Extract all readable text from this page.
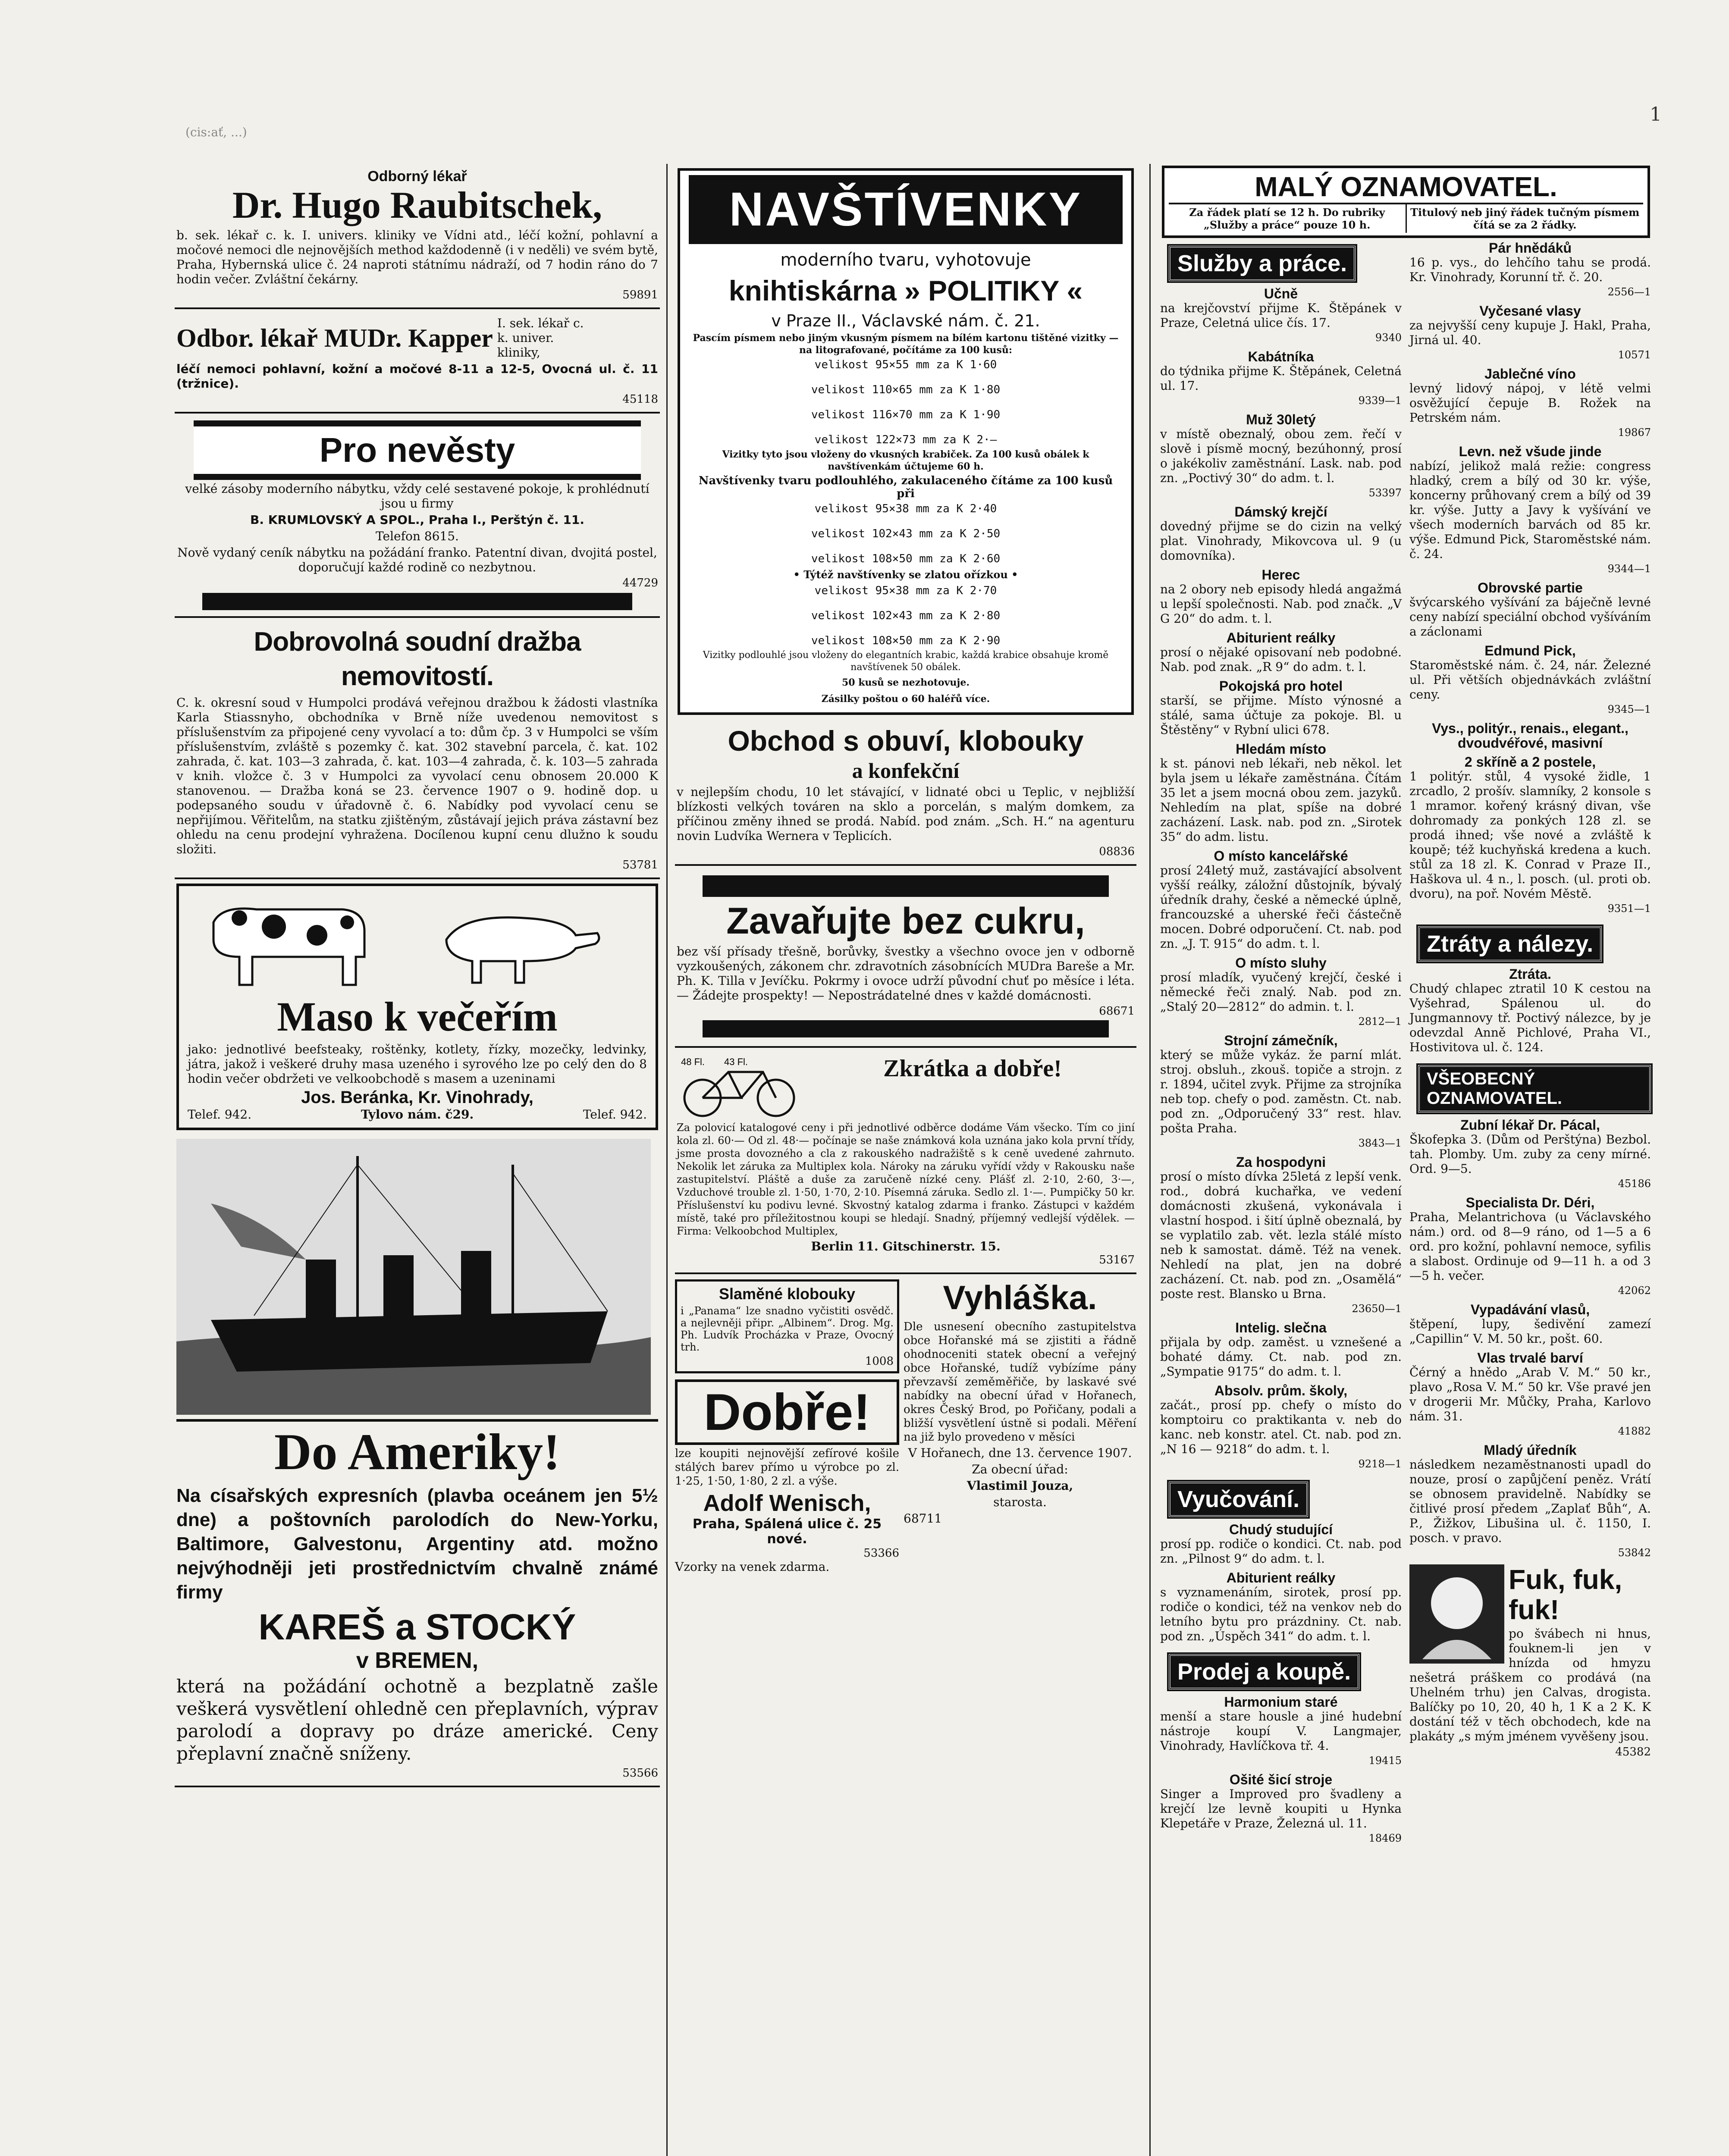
(cis:ať, ...)
1
Odborný lékař
Dr. Hugo Raubitschek,

b. sek. lékař c. k. I. univers. kliniky ve Vídni atd., léčí kožní, pohlavní a močové nemoci dle nejnovějších method každodenně (i v neděli) ve svém bytě, Praha, Hybernská ulice č. 24 naproti státnímu nádraží, od 7 hodin ráno do 7 hodin večer. Zvláštní čekárny.

59891
Odbor. lékař MUDr. Kapper
I. sek. lékař c. k. univer. kliniky,

léčí nemoci pohlavní, kožní a močové 8-11 a 12-5, Ovocná ul. č. 11 (tržnice).

45118
Pro nevěsty

velké zásoby moderního nábytku, vždy celé sestavené pokoje, k prohlédnutí jsou u firmy

B. KRUMLOVSKÝ A SPOL., Praha I., Perštýn č. 11.

Telefon 8615.

Nově vydaný ceník nábytku na požádání franko. Patentní divan, dvojitá postel, doporučují každé rodině co nezbytnou.

44729
Dobrovolná soudní dražba nemovitostí.

C. k. okresní soud v Humpolci prodává veřejnou dražbou k žádosti vlastníka Karla Stiassnyho, obchodníka v Brně níže uvedenou nemovitost s příslušenstvím za připojené ceny vyvolací a to: dům čp. 3 v Humpolci se vším příslušenstvím, zvláště s pozemky č. kat. 302 stavební parcela, č. kat. 102 zahrada, č. kat. 103—3 zahrada, č. kat. 103—4 zahrada, č. k. 103—5 zahrada v knih. vložce č. 3 v Humpolci za vyvolací cenu obnosem 20.000 K stanovenou. — Dražba koná se 23. července 1907 o 9. hodině dop. u podepsaného soudu v úřadovně č. 6. Nabídky pod vyvolací cenu se nepřijímou. Věřitelům, na statku zjištěným, zůstávají jejich práva zástavní bez ohledu na cenu prodejní vyhražena. Docílenou kupní cenu dlužno k soudu složiti.

53781
Maso k večeřím

jako: jednotlivé beefsteaky, roštěnky, kotlety, řízky, mozečky, ledvinky, játra, jakož i veškeré druhy masa uzeného i syrového lze po celý den do 8 hodin večer obdržeti ve velkoobchodě s masem a uzeninami

Jos. Beránka, Kr. Vinohrady,
Telef. 942.	Tylovo nám. č29.	Telef. 942.
Do Ameriky!

Na císařských expresních (plavba oceánem jen 5½ dne) a poštovních parolodích do New-Yorku, Baltimore, Galvestonu, Argentiny atd. možno nejvýhodněji jeti prostřednictvím chvalně známé firmy

KAREŠ a STOCKÝ
v BREMEN,

která na požádání ochotně a bezplatně zašle veškerá vysvětlení ohledně cen přeplavních, výprav parolodí a dopravy po dráze americké. Ceny přeplavní značně sníženy.

53566
NAVŠTÍVENKY
moderního tvaru, vyhotovuje
knihtiskárna » POLITIKY «
v Praze II., Václavské nám. č. 21.

Pascím písmem nebo jiným vkusným písmem na bílém kartonu tištěné vizitky — na litografované, počítáme za 100 kusů:

velikost 95×55 mm za K 1·60
velikost 110×65 mm za K 1·80
velikost 116×70 mm za K 1·90
velikost 122×73 mm za K 2·—

Vizitky tyto jsou vloženy do vkusných krabiček. Za 100 kusů obálek k navštívenkám účtujeme 60 h.

Navštívenky tvaru podlouhlého, zakulaceného čítáme za 100 kusů při

velikost 95×38 mm za K 2·40
velikost 102×43 mm za K 2·50
velikost 108×50 mm za K 2·60

• Týtéž navštívenky se zlatou ořízkou •

velikost 95×38 mm za K 2·70
velikost 102×43 mm za K 2·80
velikost 108×50 mm za K 2·90

Vizitky podlouhlé jsou vloženy do elegantních krabic, každá krabice obsahuje kromě navštívenek 50 obálek.

50 kusů se nezhotovuje.

Zásilky poštou o 60 haléřů více.

Obchod s obuví, klobouky
a konfekční

v nejlepším chodu, 10 let stávající, v lidnaté obci u Teplic, v nejbližší blízkosti velkých továren na sklo a porcelán, s malým domkem, za příčinou změny ihned se prodá. Nabíd. pod znám. „Sch. H.“ na agenturu novin Ludvíka Wernera v Teplicích.

08836
Zavařujte bez cukru,

bez vší přísady třešně, borůvky, švestky a všechno ovoce jen v odborně vyzkoušených, zákonem chr. zdravotních zásobnících MUDra Bareše a Mr. Ph. K. Tilla v Jevíčku. Pokrmy i ovoce udrží původní chuť po měsíce i léta. — Žádejte prospekty! — Nepostrádatelné dnes v každé domácnosti.

68671
48 Fl. 43 Fl.	Zkrátka a dobře!

Za polovicí katalogové ceny i při jednotlivé odběrce dodáme Vám všecko. Tím co jiní kola zl. 60·— Od zl. 48·— počínaje se naše známková kola uznána jako kola první třídy, jsme prosta dovozného a cla z rakouského nadražiště s k ceně uvedené zahrnuto. Nekolik let záruka za Multiplex kola. Nároky na záruku vyřídí vždy v Rakousku naše zastupitelství. Pláště a duše za zaručeně nízké ceny. Plášť zl. 2·10, 2·60, 3·—, Vzduchové trouble zl. 1·50, 1·70, 2·10. Písemná záruka. Sedlo zl. 1·—. Pumpičky 50 kr. Příslušenství ku podivu levné. Skvostný katalog zdarma i franko. Zástupci v každém místě, také pro příležitostnou koupi se hledají. Snadný, příjemný vedlejší výdělek. — Firma: Velkoobchod Multiplex,

Berlin 11. Gitschinerstr. 15.
53167
Slaměné klobouky

i „Panama“ lze snadno vyčistiti osvědč. a nejlevněji připr. „Albinem“. Drog. Mg. Ph. Ludvík Procházka v Praze, Ovocný trh.

1008
Dobře!

lze koupiti nejnovější zefírové košile stálých barev přímo u výrobce po zl. 1·25, 1·50, 1·80, 2 zl. a výše.

Adolf Wenisch,
Praha, Spálená ulice č. 25 nové.
53366
Vzorky na venek zdarma.
Vyhláška.

Dle usnesení obecního zastupitelstva obce Hořanské má se zjistiti a řádně ohodnoceniti statek obecní a veřejný obce Hořanské, tudíž vybízíme pány převzavší zeměměřiče, by laskavé své nabídky na obecní úřad v Hořanech, okres Český Brod, po Pořičany, podali a bližší vysvětlení ústně si podali. Měření na již bylo provedeno v měsíci

V Hořanech, dne 13. července 1907.

Za obecní úřad:

Vlastimil Jouza,

starosta.

68711
MALÝ OZNAMOVATEL.
Za řádek platí se 12 h. Do rubriky „Služby a práce“ pouze 10 h.
Titulový neb jiný řádek tučným písmem čítá se za 2 řádky.
Služby a práce.
Učně
na krejčovství přijme K. Štěpánek v Praze, Celetná ulice čís. 17.
9340
Kabátníka
do týdnika přijme K. Štěpánek, Celetná ul. 17.
9339—1
Muž 30letý
v místě obeznalý, obou zem. řečí v slově i písmě mocný, bezúhonný, prosí o jakékoliv zaměstnání. Lask. nab. pod zn. „Poctivý 30“ do adm. t. l.
53397
Dámský krejčí
dovedný přijme se do cizin na velký plat. Vinohrady, Mikovcova ul. 9 (u domovníka).
Herec
na 2 obory neb episody hledá angažmá u lepší společnosti. Nab. pod značk. „V G 20“ do adm. t. l.
Abiturient reálky
prosí o nějaké opisovaní neb podobné. Nab. pod znak. „R 9“ do adm. t. l.
Pokojská pro hotel
starší, se přijme. Místo výnosné a stálé, sama účtuje za pokoje. Bl. u Štěstěny“ v Rybní ulici 678.
Hledám místo
k st. pánovi neb lékaři, neb někol. let byla jsem u lékaře zaměstnána. Čítám 35 let a jsem mocná obou zem. jazyků. Nehledím na plat, spíše na dobré zacházení. Lask. nab. pod zn. „Sirotek 35“ do adm. listu.
O místo kancelářské
prosí 24letý muž, zastávající absolvent vyšší reálky, záložní důstojník, bývalý úředník drahy, české a německé úplně, francouzské a uherské řeči částečně mocen. Dobré odporučení. Ct. nab. pod zn. „J. T. 915“ do adm. t. l.
O místo sluhy
prosí mladík, vyučený krejčí, české i německé řeči znalý. Nab. pod zn. „Stalý 20—2812“ do admin. t. l.
2812—1
Strojní zámečník,
který se může vykáz. že parní mlát. stroj. obsluh., zkouš. topiče a strojn. z r. 1894, učitel zvyk. Přijme za strojníka neb top. chefy o pod. zaměstn. Ct. nab. pod zn. „Odporučený 33“ rest. hlav. pošta Praha.
3843—1
Za hospodyni
prosí o místo dívka 25letá z lepší venk. rod., dobrá kuchařka, ve vedení domácnosti zkušená, vykonávala i vlastní hospod. i šití úplně obeznalá, by se vyplatilo zab. vět. lezla stálé místo neb k samostat. dámě. Též na venek. Nehledí na plat, jen na dobré zacházení. Ct. nab. pod zn. „Osamělá“ poste rest. Blansko u Brna.
23650—1
Intelig. slečna
přijala by odp. zaměst. u vznešené a bohaté dámy. Ct. nab. pod zn. „Sympatie 9175“ do adm. t. l.
Absolv. prům. školy,
začát., prosí pp. chefy o místo do komptoiru co praktikanta v. neb do kanc. neb konstr. atel. Ct. nab. pod zn. „N 16 — 9218“ do adm. t. l.
9218—1
Vyučování.
Chudý studující
prosí pp. rodiče o kondici. Ct. nab. pod zn. „Pilnost 9“ do adm. t. l.
Abiturient reálky
s vyznamenáním, sirotek, prosí pp. rodiče o kondici, též na venkov neb do letního bytu pro prázdniny. Ct. nab. pod zn. „Úspěch 341“ do adm. t. l.
Prodej a koupě.
Harmonium staré
menší a stare housle a jiné hudební nástroje koupí V. Langmajer, Vinohrady, Havlíčkova tř. 4.
19415
Ošité šicí stroje
Singer a Improved pro švadleny a krejčí lze levně koupiti u Hynka Klepetáře v Praze, Železná ul. 11.
18469
Pár hnědáků
16 p. vys., do lehčího tahu se prodá. Kr. Vinohrady, Korunní tř. č. 20.
2556—1
Vyčesané vlasy
za nejvyšší ceny kupuje J. Hakl, Praha, Jirná ul. 40.
10571
Jablečné víno
levný lidový nápoj, v létě velmi osvěžující čepuje B. Rožek na Petrském nám.
19867
Levn. než všude jinde
nabízí, jelikož malá režie: congress hladký, crem a bílý od 30 kr. výše, koncerny průhovaný crem a bílý od 39 kr. výše. Jutty a Javy k vyšívání ve všech moderních barvách od 85 kr. výše. Edmund Pick, Staroměstské nám. č. 24.
9344—1
Obrovské partie
švýcarského vyšívání za báječně levné ceny nabízí speciální obchod vyšíváním a záclonami
Edmund Pick,
Staroměstské nám. č. 24, nár. Železné ul. Při větších objednávkách zvláštní ceny.
9345—1
Vys., politýr., renais., elegant., dvoudvéřové, masivní
2 skříně a 2 postele,
1 politýr. stůl, 4 vysoké židle, 1 zrcadlo, 2 prošív. slamníky, 2 konsole s 1 mramor. kořený krásný divan, vše dohromady za ponkých 128 zl. se prodá ihned; vše nové a zvláště k koupě; též kuchyňská kredena a kuch. stůl za 18 zl. K. Conrad v Praze II., Haškova ul. 4 n., l. posch. (ul. proti ob. dvoru), na poř. Novém Městě.
9351—1
Ztráty a nálezy.
Ztráta.
Chudý chlapec ztratil 10 K cestou na Vyšehrad, Spálenou ul. do Jungmannovy tř. Poctivý nálezce, by je odevzdal Anně Pichlové, Praha VI., Hostivitova ul. č. 124.
VŠEOBECNÝ OZNAMOVATEL.
Zubní lékař Dr. Pácal,
Škofepka 3. (Dům od Perštýna) Bezbol. tah. Plomby. Um. zuby za ceny mírné. Ord. 9—5.
45186
Specialista Dr. Déri,
Praha, Melantrichova (u Václavského nám.) ord. od 8—9 ráno, od 1—5 a 6 ord. pro kožní, pohlavní nemoce, syfilis a slabost. Ordinuje od 9—11 h. a od 3—5 h. večer.
42062
Vypadávání vlasů,
štěpení, lupy, šedivění zamezí „Capillin“ V. M. 50 kr., pošt. 60.
Vlas trvalé barví
Čérný a hnědo „Arab V. M.“ 50 kr., plavo „Rosa V. M.“ 50 kr. Vše pravé jen v drogerii Mr. Můčky, Praha, Karlovo nám. 31.
41882
Mladý úředník
následkem nezaměstnanosti upadl do nouze, prosí o zapůjčení peněz. Vrátí se obnosem pravidelně. Nabídky se čitlivé prosí předem „Zaplať Bůh“, A. P., Žižkov, Libušina ul. č. 1150, I. posch. v pravo.
53842
Fuk, fuk, fuk!

po švábech ni hnus, fouknem-li jen v hnízda od hmyzu nešetrá práškem co prodává (na Uhelném trhu) jen Calvas, drogista. Balíčky po 10, 20, 40 h, 1 K a 2 K. K dostání též v těch obchodech, kde na plakáty „s mým jménem vyvěšeny jsou.

45382
